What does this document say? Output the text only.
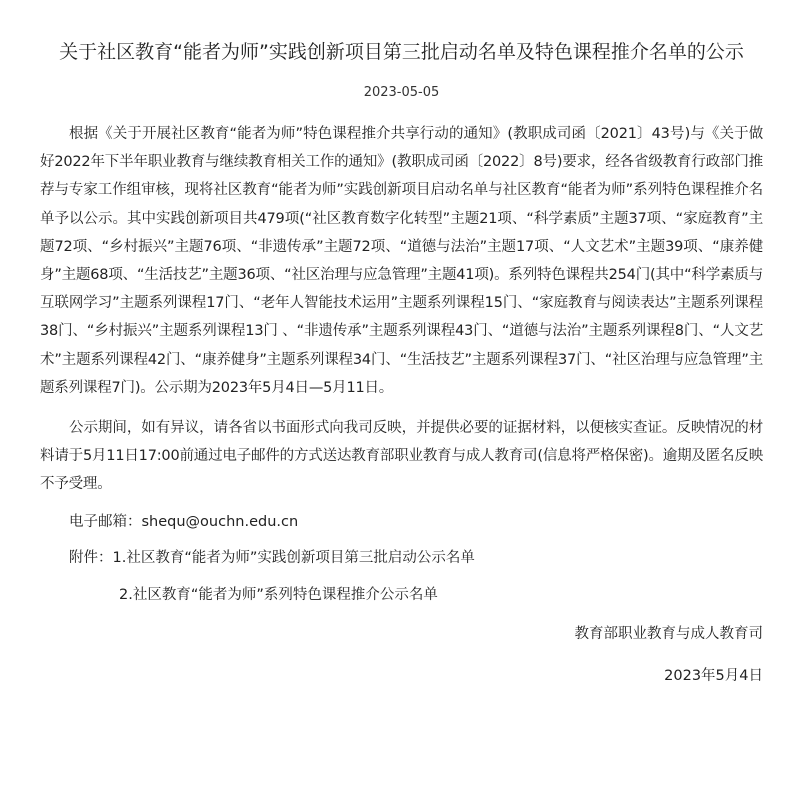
关于社区教育“能者为师”实践创新项目第三批启动名单及特色课程推介名单的公示
2023-05-05

根据《关于开展社区教育“能者为师”特色课程推介共享行动的通知》(教职成司函〔2021〕43号)与《关于做好2022年下半年职业教育与继续教育相关工作的通知》(教职成司函〔2022〕8号)要求，经各省级教育行政部门推荐与专家工作组审核，现将社区教育“能者为师”实践创新项目启动名单与社区教育“能者为师”系列特色课程推介名单予以公示。其中实践创新项目共479项(“社区教育数字化转型”主题21项、“科学素质”主题37项、“家庭教育”主题72项、“乡村振兴”主题76项、“非遗传承”主题72项、“道德与法治”主题17项、“人文艺术”主题39项、“康养健身”主题68项、“生活技艺”主题36项、“社区治理与应急管理”主题41项)。系列特色课程共254门(其中“科学素质与互联网学习”主题系列课程17门、“老年人智能技术运用”主题系列课程15门、“家庭教育与阅读表达”主题系列课程38门、“乡村振兴”主题系列课程13门 、“非遗传承”主题系列课程43门、“道德与法治”主题系列课程8门、“人文艺术”主题系列课程42门、“康养健身”主题系列课程34门、“生活技艺”主题系列课程37门、“社区治理与应急管理”主题系列课程7门)。公示期为2023年5月4日—5月11日。

公示期间，如有异议，请各省以书面形式向我司反映，并提供必要的证据材料，以便核实查证。反映情况的材料请于5月11日17:00前通过电子邮件的方式送达教育部职业教育与成人教育司(信息将严格保密)。逾期及匿名反映不予受理。

电子邮箱：shequ@ouchn.edu.cn
附件：1.社区教育“能者为师”实践创新项目第三批启动公示名单
2.社区教育“能者为师”系列特色课程推介公示名单
教育部职业教育与成人教育司
2023年5月4日
